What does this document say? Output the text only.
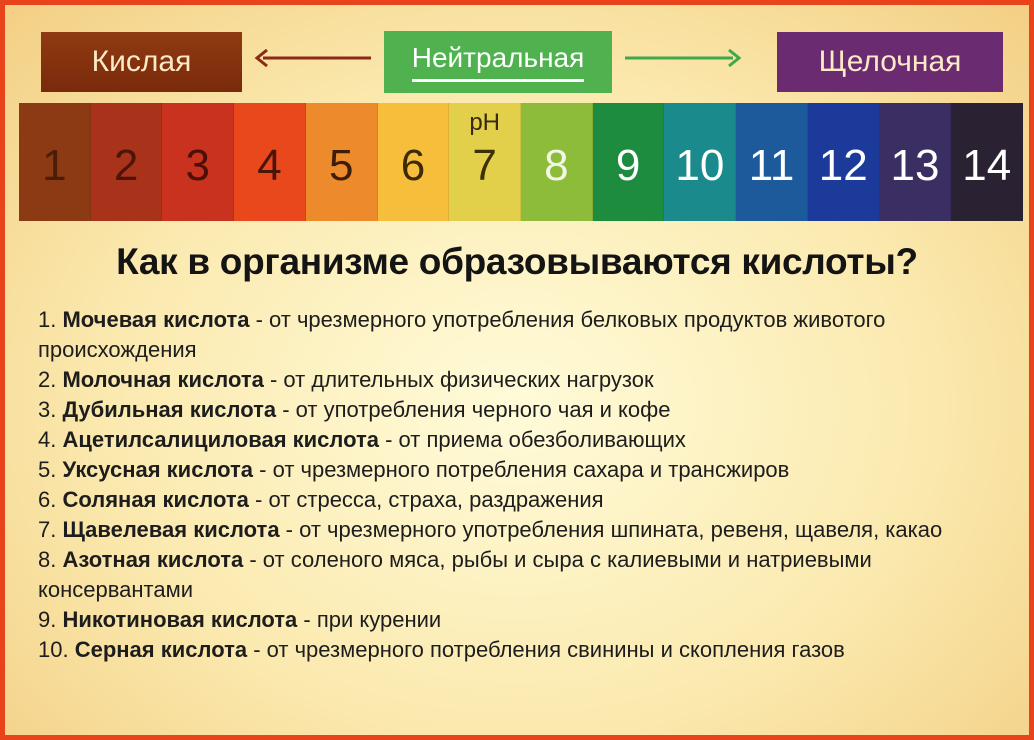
Кислая	Нейтральная	Щелочная
1 2 3 4 5 6
pH
7 8 9 10 11 12 13 14
Как в организме образовываются кислоты?

1. Мочевая кислота - от чрезмерного употребления белковых продуктов животого происхождения

2. Молочная кислота - от длительных физических нагрузок

3. Дубильная кислота - от употребления черного чая и кофе

4. Ацетилсалициловая кислота - от приема обезболивающих

5. Уксусная кислота - от чрезмерного потребления сахара и трансжиров

6. Соляная кислота - от стресса, страха, раздражения

7. Щавелевая кислота - от чрезмерного употребления шпината, ревеня, щавеля, какао

8. Азотная кислота - от соленого мяса, рыбы и сыра с калиевыми и натриевыми консервантами

9. Никотиновая кислота - при курении

10. Серная кислота - от чрезмерного потребления свинины и скопления газов
